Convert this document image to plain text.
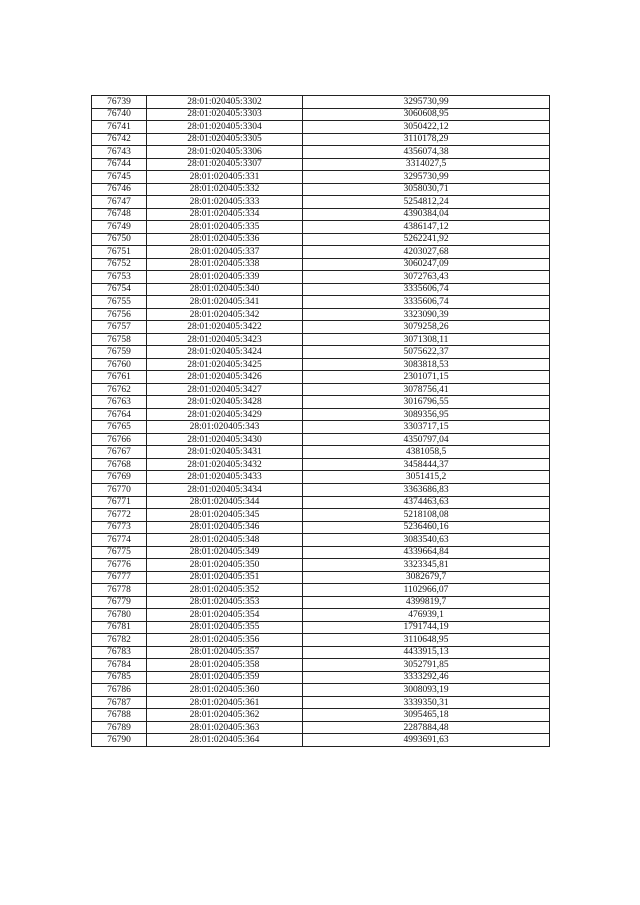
76739	28:01:020405:3302	3295730,99
76740	28:01:020405:3303	3060608,95
76741	28:01:020405:3304	3050422,12
76742	28:01:020405:3305	3110178,29
76743	28:01:020405:3306	4356074,38
76744	28:01:020405:3307	3314027,5
76745	28:01:020405:331	3295730,99
76746	28:01:020405:332	3058030,71
76747	28:01:020405:333	5254812,24
76748	28:01:020405:334	4390384,04
76749	28:01:020405:335	4386147,12
76750	28:01:020405:336	5262241,92
76751	28:01:020405:337	4203027,68
76752	28:01:020405:338	3060247,09
76753	28:01:020405:339	3072763,43
76754	28:01:020405:340	3335606,74
76755	28:01:020405:341	3335606,74
76756	28:01:020405:342	3323090,39
76757	28:01:020405:3422	3079258,26
76758	28:01:020405:3423	3071308,11
76759	28:01:020405:3424	5075622,37
76760	28:01:020405:3425	3083818,53
76761	28:01:020405:3426	2301071,15
76762	28:01:020405:3427	3078756,41
76763	28:01:020405:3428	3016796,55
76764	28:01:020405:3429	3089356,95
76765	28:01:020405:343	3303717,15
76766	28:01:020405:3430	4350797,04
76767	28:01:020405:3431	4381058,5
76768	28:01:020405:3432	3458444,37
76769	28:01:020405:3433	3051415,2
76770	28:01:020405:3434	3363686,83
76771	28:01:020405:344	4374463,63
76772	28:01:020405:345	5218108,08
76773	28:01:020405:346	5236460,16
76774	28:01:020405:348	3083540,63
76775	28:01:020405:349	4339664,84
76776	28:01:020405:350	3323345,81
76777	28:01:020405:351	3082679,7
76778	28:01:020405:352	1102966,07
76779	28:01:020405:353	4399819,7
76780	28:01:020405:354	476939,1
76781	28:01:020405:355	1791744,19
76782	28:01:020405:356	3110648,95
76783	28:01:020405:357	4433915,13
76784	28:01:020405:358	3052791,85
76785	28:01:020405:359	3333292,46
76786	28:01:020405:360	3008093,19
76787	28:01:020405:361	3339350,31
76788	28:01:020405:362	3095465,18
76789	28:01:020405:363	2287884,48
76790	28:01:020405:364	4993691,63
